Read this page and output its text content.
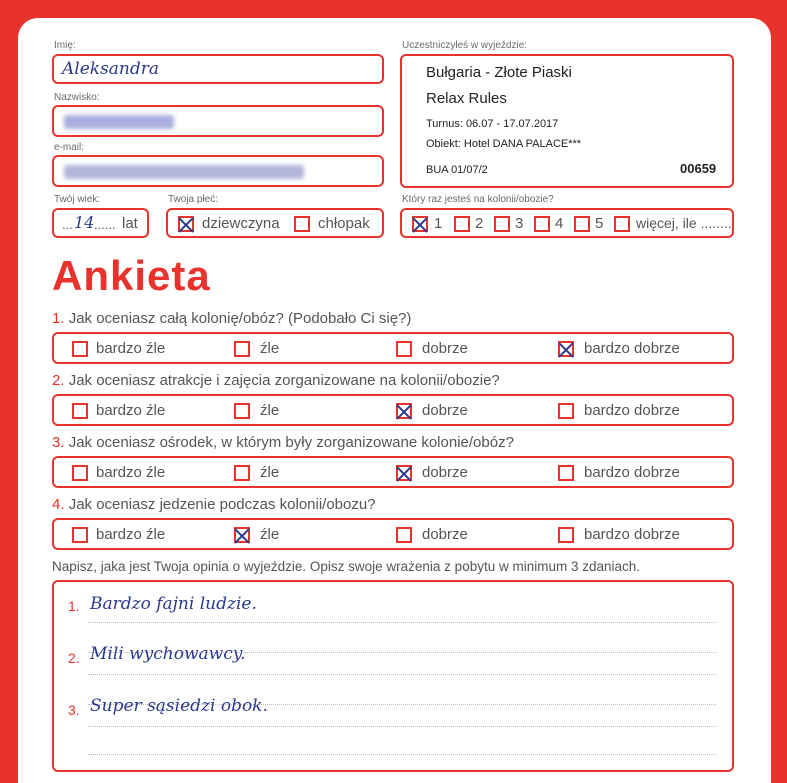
Imię:
Aleksandra
Nazwisko:
e-mail:
Twój wiek:
... 14 ...... lat
Twoja płeć:
dziewczyna	chłopak
Uczestniczyłeś w wyjeździe:
Bułgaria - Złote Piaski
Relax Rules
Turnus: 06.07 - 17.07.2017
Obiekt: Hotel DANA PALACE***
BUA 01/07/2	00659
Który raz jesteś na kolonii/obozie?
1 2 3 4 5 więcej, ile ........
Ankieta
1. Jak oceniasz całą kolonię/obóz? (Podobało Ci się?)
bardzo źle	źle	dobrze	bardzo dobrze
2. Jak oceniasz atrakcje i zajęcia zorganizowane na kolonii/obozie?
bardzo źle	źle	dobrze	bardzo dobrze
3. Jak oceniasz ośrodek, w którym były zorganizowane kolonie/obóz?
bardzo źle	źle	dobrze	bardzo dobrze
4. Jak oceniasz jedzenie podczas kolonii/obozu?
bardzo źle	źle	dobrze	bardzo dobrze
Napisz, jaka jest Twoja opinia o wyjeździe. Opisz swoje wrażenia z pobytu w minimum 3 zdaniach.
1. Bardzo fajni ludzie.
2. Mili wychowawcy.
3. Super sąsiedzi obok.
